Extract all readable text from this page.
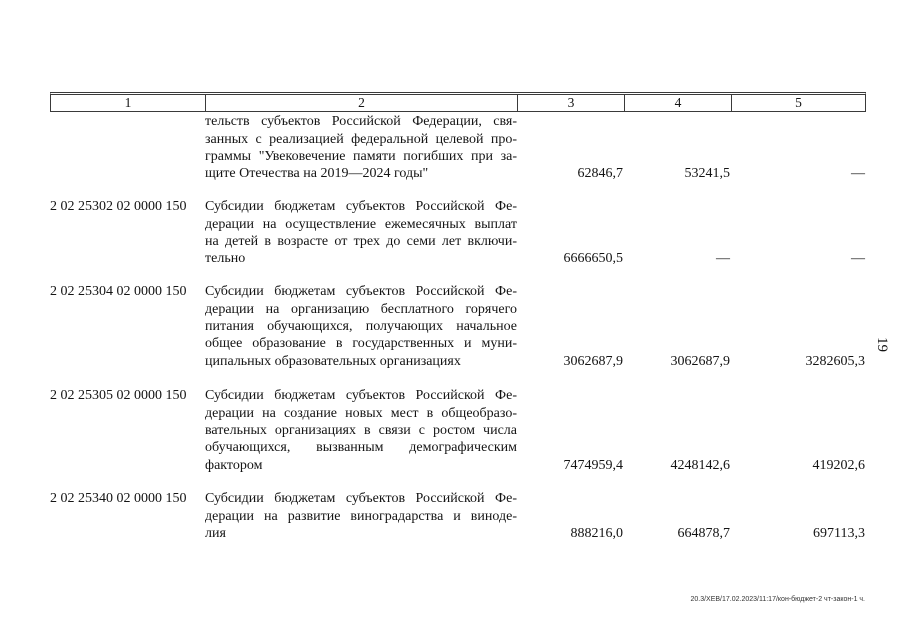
1	2	3	4	5
тельств субъектов Российской Федерации, свя-
занных с реализацией федеральной целевой про-
граммы "Увековечение памяти погибших при за-
щите Отечества на 2019—2024 годы"	62846,7	53241,5	—
2 02 25302 02 0000 150	Субсидии бюджетам субъектов Российской Фе-
дерации на осуществление ежемесячных выплат
на детей в возрасте от трех до семи лет включи-
тельно	6666650,5	—	—
2 02 25304 02 0000 150	Субсидии бюджетам субъектов Российской Фе-
дерации на организацию бесплатного горячего
питания обучающихся, получающих начальное
общее образование в государственных и муни-
ципальных образовательных организациях	3062687,9	3062687,9	3282605,3
2 02 25305 02 0000 150	Субсидии бюджетам субъектов Российской Фе-
дерации на создание новых мест в общеобразо-
вательных организациях в связи с ростом числа
обучающихся, вызванным демографическим
фактором	7474959,4	4248142,6	419202,6
2 02 25340 02 0000 150	Субсидии бюджетам субъектов Российской Фе-
дерации на развитие виноградарства и виноде-
лия	888216,0	664878,7	697113,3
19
20.3/ХЕВ/17.02.2023/11:17/кон-бюджет-2 чт-закон-1 ч.
